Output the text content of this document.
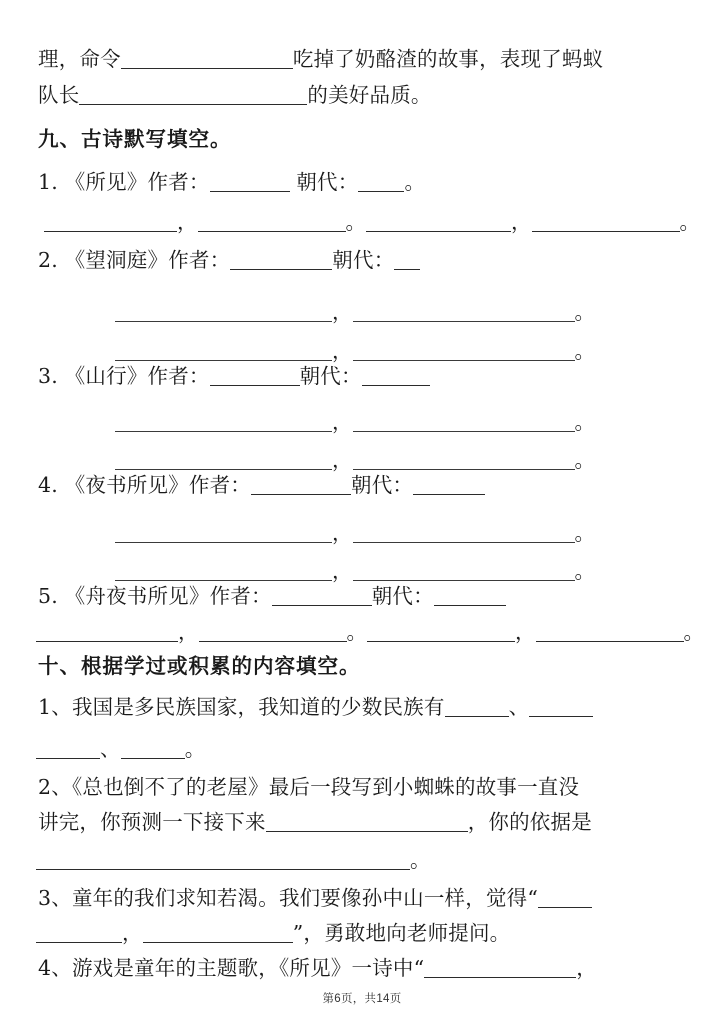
理，命令	吃掉了奶酪渣的故事，表现了蚂蚁
队长	的美好品质。
九、古诗默写填空。
1. 《所见》作者：	朝代： 。
，	。	，	。
2. 《望洞庭》作者：	朝代：
，	。
，	。
3. 《山行》作者：	朝代：
，	。
，	。
4. 《夜书所见》作者：	朝代：
，	。
，	。
5. 《舟夜书所见》作者：	朝代：
，	。	，	。
十、根据学过或积累的内容填空。
1、我国是多民族国家，我知道的少数民族有	、
、	。
2、《总也倒不了的老屋》最后一段写到小蜘蛛的故事一直没
讲完，你预测一下接下来	，你的依据是
。
3、童年的我们求知若渴。我们要像孙中山一样，觉得“
，	”，勇敢地向老师提问。
4、游戏是童年的主题歌，《所见》一诗中“	，
第6页，共14页
